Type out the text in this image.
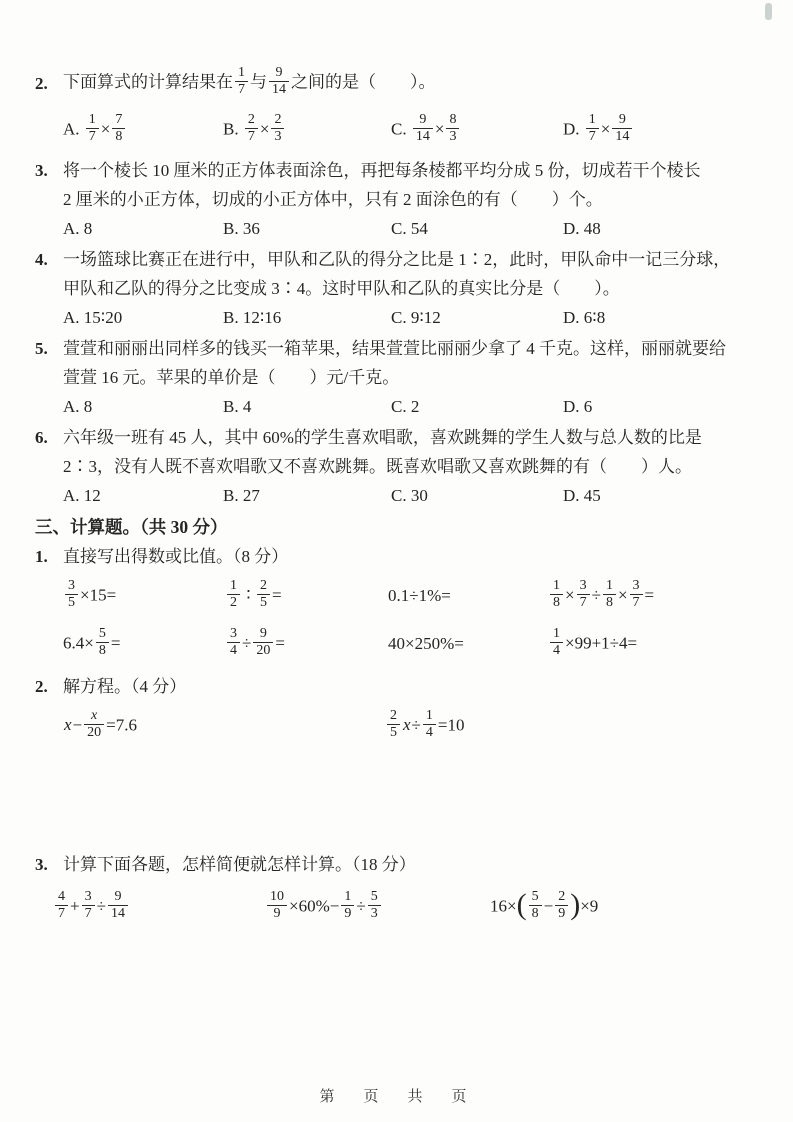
2. 下面算式的计算结果在 $\frac{1}{7}$ 与 $\frac{9}{14}$ 之间的是（　　）。
A. $\frac{1}{7} \times \frac{7}{8}$	B. $\frac{2}{7} \times \frac{2}{3}$	C. $\frac{9}{14} \times \frac{8}{3}$	D. $\frac{1}{7} \times \frac{9}{14}$
3. 将一个棱长 10 厘米的正方体表面涂色，再把每条棱都平均分成 5 份，切成若干个棱长
2 厘米的小正方体，切成的小正方体中，只有 2 面涂色的有（　　）个。
A. 8	B. 36	C. 54	D. 48
4. 一场篮球比赛正在进行中，甲队和乙队的得分之比是 1∶2，此时，甲队命中一记三分球，
甲队和乙队的得分之比变成 3∶4。这时甲队和乙队的真实比分是（　　）。
A. 15∶20	B. 12∶16	C. 9∶12	D. 6∶8
5. 萱萱和丽丽出同样多的钱买一箱苹果，结果萱萱比丽丽少拿了 4 千克。这样，丽丽就要给
萱萱 16 元。苹果的单价是（　　）元/千克。
A. 8	B. 4	C. 2	D. 6
6. 六年级一班有 45 人，其中 60%的学生喜欢唱歌，喜欢跳舞的学生人数与总人数的比是
2∶3，没有人既不喜欢唱歌又不喜欢跳舞。既喜欢唱歌又喜欢跳舞的有（　　）人。
A. 12	B. 27	C. 30	D. 45
三、计算题。（共 30 分）
1. 直接写出得数或比值。（8 分）
$\frac{3}{5} \times 15=$	$\frac{1}{2}$ ∶ $\frac{2}{5}$ =	0.1÷1%=	$\frac{1}{8} \times \frac{3}{7} \div \frac{1}{8} \times \frac{3}{7}$ =
$6.4\times \frac{5}{8}$ =	$\frac{3}{4} \div \frac{9}{20}$ =	40×250%=	$\frac{1}{4} \times 99+1\div 4=$
2. 解方程。（4 分）
$x- \frac{x}{20} =7.6$	$\frac{2}{5} x\div \frac{1}{4} =10$
3. 计算下面各题，怎样简便就怎样计算。（18 分）
$\frac{4}{7} + \frac{3}{7} \div \frac{9}{14}$	$\frac{10}{9} \times 60\%- \frac{1}{9} \div \frac{5}{3}$	$16\times( \frac{5}{8} - \frac{2}{9} )\times 9$
第　页　共　页
